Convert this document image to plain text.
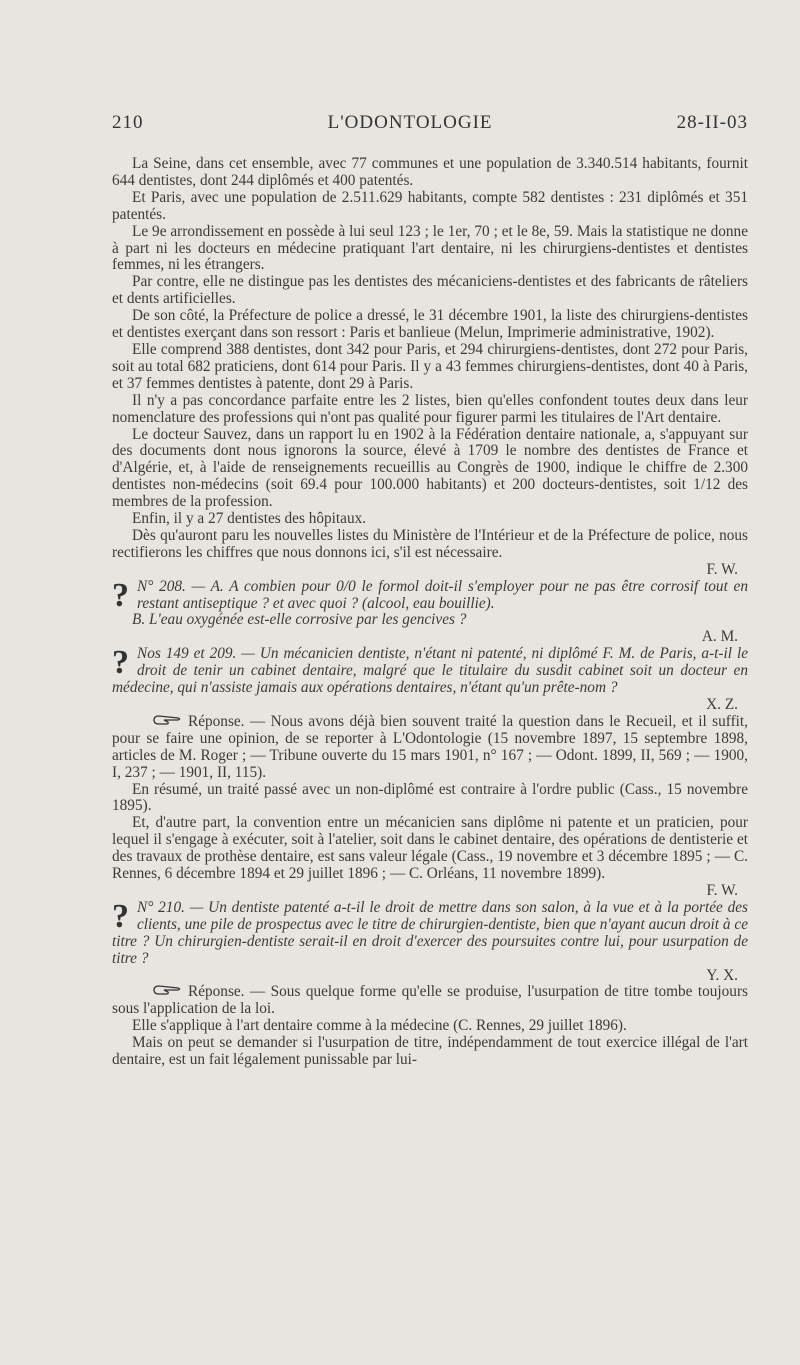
210	L'ODONTOLOGIE	28-II-03

La Seine, dans cet ensemble, avec 77 communes et une population de 3.340.514 habitants, fournit 644 dentistes, dont 244 diplômés et 400 patentés.

Et Paris, avec une population de 2.511.629 habitants, compte 582 dentistes : 231 diplômés et 351 patentés.

Le 9e arrondissement en possède à lui seul 123 ; le 1er, 70 ; et le 8e, 59. Mais la statistique ne donne à part ni les docteurs en médecine pratiquant l'art dentaire, ni les chirurgiens-dentistes et dentistes femmes, ni les étrangers.

Par contre, elle ne distingue pas les dentistes des mécaniciens-dentistes et des fabricants de râteliers et dents artificielles.

De son côté, la Préfecture de police a dressé, le 31 décembre 1901, la liste des chirurgiens-dentistes et dentistes exerçant dans son ressort : Paris et banlieue (Melun, Imprimerie administrative, 1902).

Elle comprend 388 dentistes, dont 342 pour Paris, et 294 chirurgiens-dentistes, dont 272 pour Paris, soit au total 682 praticiens, dont 614 pour Paris. Il y a 43 femmes chirurgiens-dentistes, dont 40 à Paris, et 37 femmes dentistes à patente, dont 29 à Paris.

Il n'y a pas concordance parfaite entre les 2 listes, bien qu'elles confondent toutes deux dans leur nomenclature des professions qui n'ont pas qualité pour figurer parmi les titulaires de l'Art dentaire.

Le docteur Sauvez, dans un rapport lu en 1902 à la Fédération dentaire nationale, a, s'appuyant sur des documents dont nous ignorons la source, élevé à 1709 le nombre des dentistes de France et d'Algérie, et, à l'aide de renseignements recueillis au Congrès de 1900, indique le chiffre de 2.300 dentistes non-médecins (soit 69.4 pour 100.000 habitants) et 200 docteurs-dentistes, soit 1/12 des membres de la profession.

Enfin, il y a 27 dentistes des hôpitaux.

Dès qu'auront paru les nouvelles listes du Ministère de l'Intérieur et de la Préfecture de police, nous rectifierons les chiffres que nous donnons ici, s'il est nécessaire.

F. W.

? N° 208. — A. A combien pour 0/0 le formol doit-il s'employer pour ne pas être corrosif tout en restant antiseptique ? et avec quoi ? (alcool, eau bouillie).

B. L'eau oxygénée est-elle corrosive par les gencives ?

A. M.

? Nos 149 et 209. — Un mécanicien dentiste, n'étant ni patenté, ni diplômé F. M. de Paris, a-t-il le droit de tenir un cabinet dentaire, malgré que le titulaire du susdit cabinet soit un docteur en médecine, qui n'assiste jamais aux opérations dentaires, n'étant qu'un prête-nom ?

X. Z.

Réponse. — Nous avons déjà bien souvent traité la question dans le Recueil, et il suffit, pour se faire une opinion, de se reporter à L'Odontologie (15 novembre 1897, 15 septembre 1898, articles de M. Roger ; — Tribune ouverte du 15 mars 1901, n° 167 ; — Odont. 1899, II, 569 ; — 1900, I, 237 ; — 1901, II, 115).

En résumé, un traité passé avec un non-diplômé est contraire à l'ordre public (Cass., 15 novembre 1895).

Et, d'autre part, la convention entre un mécanicien sans diplôme ni patente et un praticien, pour lequel il s'engage à exécuter, soit à l'atelier, soit dans le cabinet dentaire, des opérations de dentisterie et des travaux de prothèse dentaire, est sans valeur légale (Cass., 19 novembre et 3 décembre 1895 ; — C. Rennes, 6 décembre 1894 et 29 juillet 1896 ; — C. Orléans, 11 novembre 1899).

F. W.

? N° 210. — Un dentiste patenté a-t-il le droit de mettre dans son salon, à la vue et à la portée des clients, une pile de prospectus avec le titre de chirurgien-dentiste, bien que n'ayant aucun droit à ce titre ? Un chirurgien-dentiste serait-il en droit d'exercer des poursuites contre lui, pour usurpation de titre ?

Y. X.

Réponse. — Sous quelque forme qu'elle se produise, l'usurpation de titre tombe toujours sous l'application de la loi.

Elle s'applique à l'art dentaire comme à la médecine (C. Rennes, 29 juillet 1896).

Mais on peut se demander si l'usurpation de titre, indépendamment de tout exercice illégal de l'art dentaire, est un fait légalement punissable par lui-
